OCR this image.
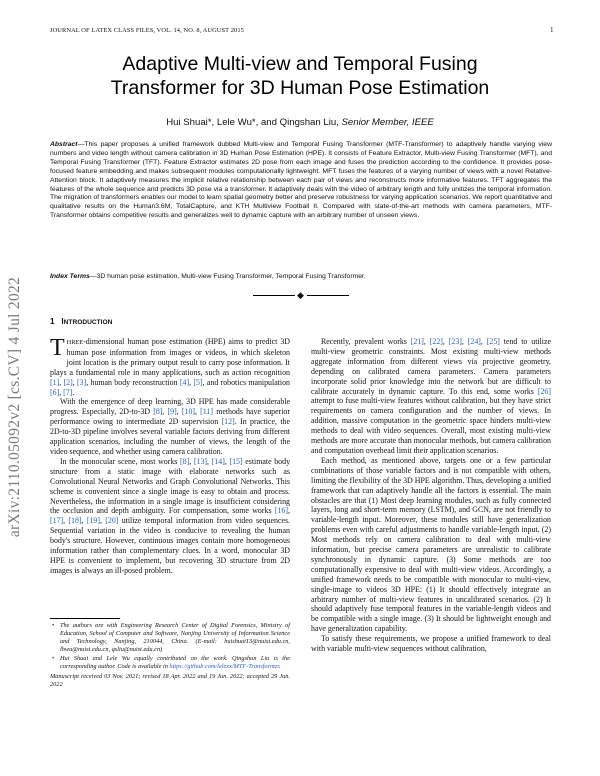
JOURNAL OF LATEX CLASS FILES, VOL. 14, NO. 8, AUGUST 2015	1
Adaptive Multi-view and Temporal Fusing
Transformer for 3D Human Pose Estimation
Hui Shuai*, Lele Wu*, and Qingshan Liu, Senior Member, IEEE
Abstract—This paper proposes a unified framework dubbed Multi-view and Temporal Fusing Transformer (MTF-Transformer) to adaptively handle varying view numbers and video length without camera calibration in 3D Human Pose Estimation (HPE). It consists of Feature Extractor, Multi-view Fusing Transformer (MFT), and Temporal Fusing Transformer (TFT). Feature Extractor estimates 2D pose from each image and fuses the prediction according to the confidence. It provides pose-focused feature embedding and makes subsequent modules computationally lightweight. MFT fuses the features of a varying number of views with a novel Relative-Attention block. It adaptively measures the implicit relative relationship between each pair of views and reconstructs more informative features. TFT aggregates the features of the whole sequence and predicts 3D pose via a transformer. It adaptively deals with the video of arbitrary length and fully unitizes the temporal information. The migration of transformers enables our model to learn spatial geometry better and preserve robustness for varying application scenarios. We report quantitative and qualitative results on the Human3.6M, TotalCapture, and KTH Multiview Football II. Compared with state-of-the-art methods with camera parameters, MTF-Transformer obtains competitive results and generalizes well to dynamic capture with an arbitrary number of unseen views.
Index Terms—3D human pose estimation, Multi-view Fusing Transformer, Temporal Fusing Transformer.
◆
arXiv:2110.05092v2 [cs.CV] 4 Jul 2022	1 INTRODUCTION

THREE-dimensional human pose estimation (HPE) aims to predict 3D human pose information from images or videos, in which skeleton joint location is the primary output result to carry pose information. It plays a fundamental role in many applications, such as action recognition [1], [2], [3], human body reconstruction [4], [5], and robotics manipulation [6], [7].

With the emergence of deep learning, 3D HPE has made considerable progress. Especially, 2D-to-3D [8], [9], [10], [11] methods have superior performance owing to intermediate 2D supervision [12]. In practice, the 2D-to-3D pipeline involves several variable factors deriving from different application scenarios, including the number of views, the length of the video sequence, and whether using camera calibration.

In the monocular scene, most works [8], [13], [14], [15] estimate body structure from a static image with elaborate networks such as Convolutional Neural Networks and Graph Convolutional Networks. This scheme is convenient since a single image is easy to obtain and process. Nevertheless, the information in a single image is insufficient considering the occlusion and depth ambiguity. For compensation, some works [16], [17], [18], [19], [20] utilize temporal information from video sequences. Sequential variation in the video is conducive to revealing the human body's structure. However, continuous images contain more homogeneous information rather than complementary clues. In a word, monocular 3D HPE is convenient to implement, but recovering 3D structure from 2D images is always an ill-posed problem.

Recently, prevalent works [21], [22], [23], [24], [25] tend to utilize multi-view geometric constraints. Most existing multi-view methods aggregate information from different views via projective geometry, depending on calibrated camera parameters. Camera parameters incorporate solid prior knowledge into the network but are difficult to calibrate accurately in dynamic capture. To this end, some works [26] attempt to fuse multi-view features without calibration, but they have strict requirements on camera configuration and the number of views. In addition, massive computation in the geometric space hinders multi-view methods to deal with video sequences. Overall, most existing multi-view methods are more accurate than monocular methods, but camera calibration and computation overhead limit their application scenarios.

Each method, as mentioned above, targets one or a few particular combinations of those variable factors and is not compatible with others, limiting the flexibility of the 3D HPE algorithm. Thus, developing a unified framework that can adaptively handle all the factors is essential. The main obstacles are that (1) Most deep learning modules, such as fully connected layers, long and short-term memory (LSTM), and GCN, are not friendly to variable-length input. Moreover, these modules still have generalization problems even with careful adjustments to handle variable-length input. (2) Most methods rely on camera calibration to deal with multi-view information, but precise camera parameters are unrealistic to calibrate synchronously in dynamic capture. (3) Some methods are too computationally expensive to deal with multi-view videos. Accordingly, a unified framework needs to be compatible with monocular to multi-view, single-image to videos 3D HPE: (1) It should effectively integrate an arbitrary number of multi-view features in uncalibrated scenarios. (2) It should adaptively fuse temporal features in the variable-length videos and be compatible with a single image. (3) It should be lightweight enough and have generalization capability.

To satisfy these requirements, we propose a unified framework to deal with variable multi-view sequences without calibration,

• The authors are with Engineering Research Center of Digital Forensics, Ministry of Education, School of Computer and Software, Nanjing University of Information Science and Technology, Nanjing, 210044, China. (E-mail: huishuai13@nuist.edu.cn, lhwu@nuist.edu.cn, qsliu@nuist.edu.cn)
• Hui Shuai and Lele Wu equally contributed on the work. Qingshan Liu is the corresponding author. Code is available in https://github.com/lelexx/MTF-Transformer.
Manuscript received 03 Nov. 2021; revised 18 Apr. 2022 and 19 Jun. 2022; accepted 29 Jun. 2022
